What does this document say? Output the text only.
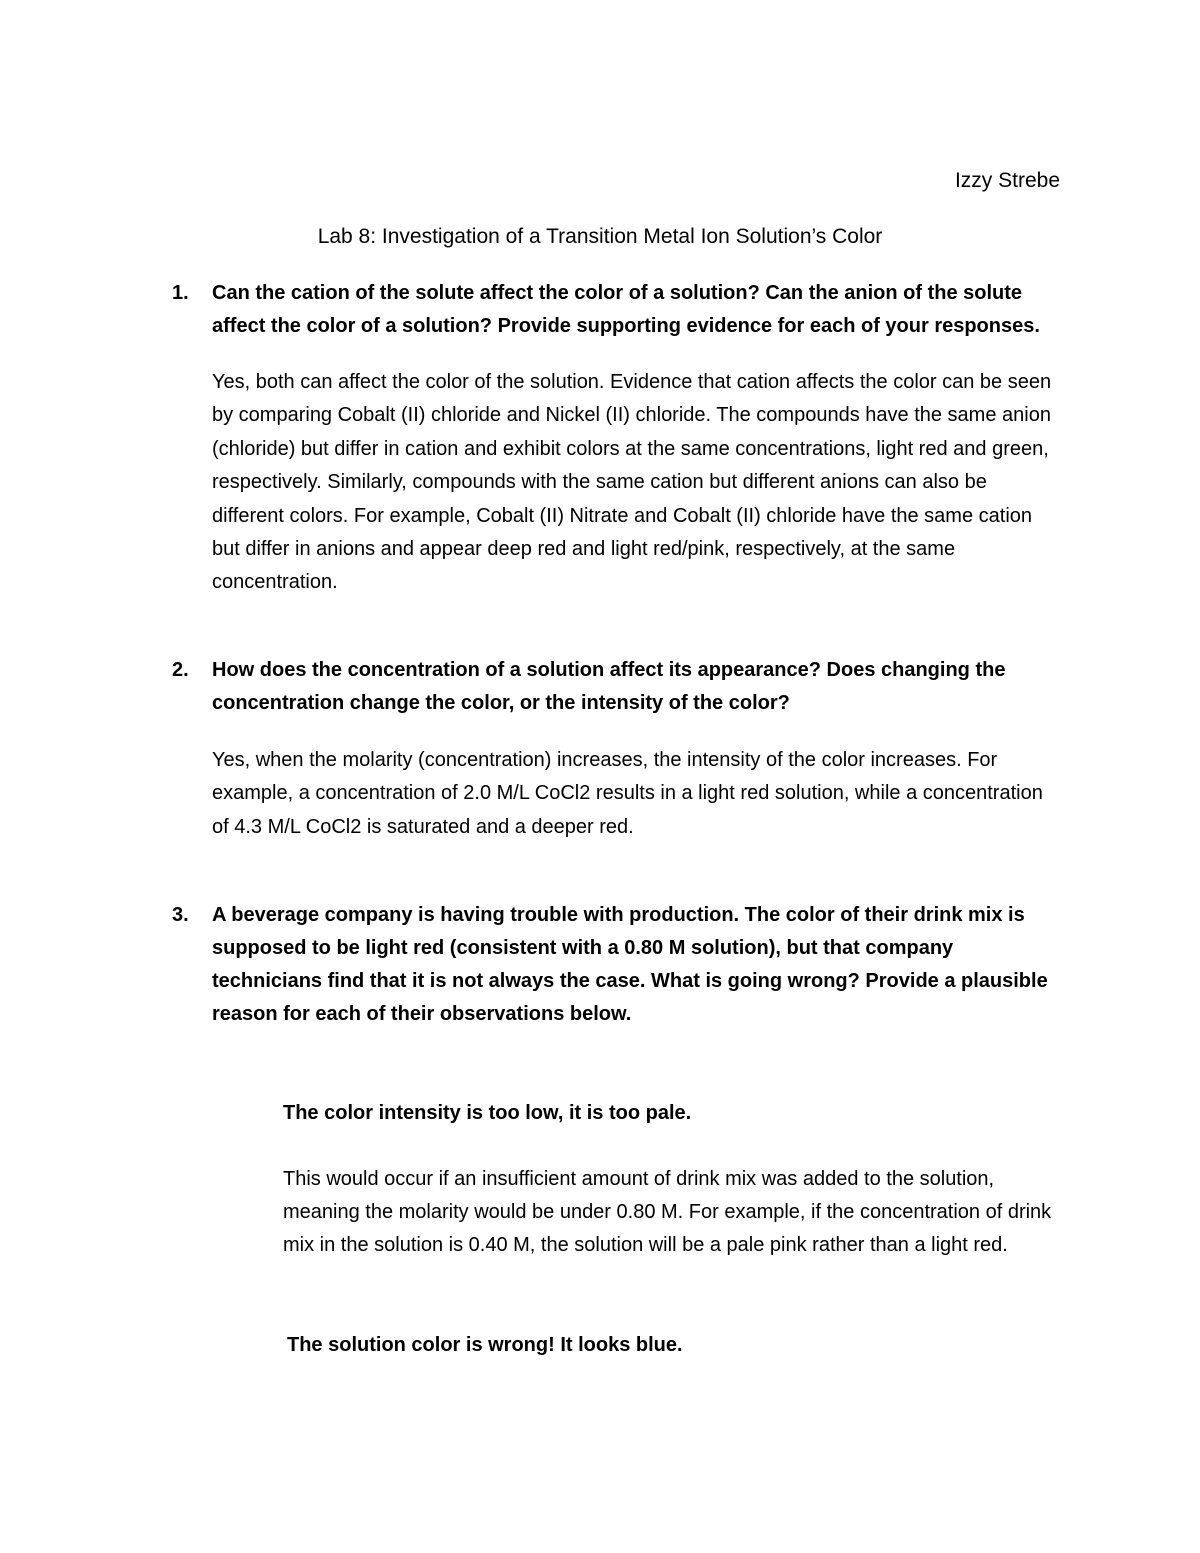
Izzy Strebe
Lab 8: Investigation of a Transition Metal Ion Solution’s Color
1.	Can the cation of the solute affect the color of a solution? Can the anion of the solute affect the color of a solution? Provide supporting evidence for each of your responses.
Yes, both can affect the color of the solution. Evidence that cation affects the color can be seen by comparing Cobalt (II) chloride and Nickel (II) chloride. The compounds have the same anion (chloride) but differ in cation and exhibit colors at the same concentrations, light red and green, respectively. Similarly, compounds with the same cation but different anions can also be different colors. For example, Cobalt (II) Nitrate and Cobalt (II) chloride have the same cation but differ in anions and appear deep red and light red/pink, respectively, at the same concentration.
2.	How does the concentration of a solution affect its appearance? Does changing the concentration change the color, or the intensity of the color?
Yes, when the molarity (concentration) increases, the intensity of the color increases. For example, a concentration of 2.0 M/L CoCl2 results in a light red solution, while a concentration of 4.3 M/L CoCl2 is saturated and a deeper red.
3.	A beverage company is having trouble with production. The color of their drink mix is supposed to be light red (consistent with a 0.80 M solution), but that company technicians find that it is not always the case. What is going wrong? Provide a plausible reason for each of their observations below.
The color intensity is too low, it is too pale.
This would occur if an insufficient amount of drink mix was added to the solution, meaning the molarity would be under 0.80 M. For example, if the concentration of drink mix in the solution is 0.40 M, the solution will be a pale pink rather than a light red.
The solution color is wrong! It looks blue.
